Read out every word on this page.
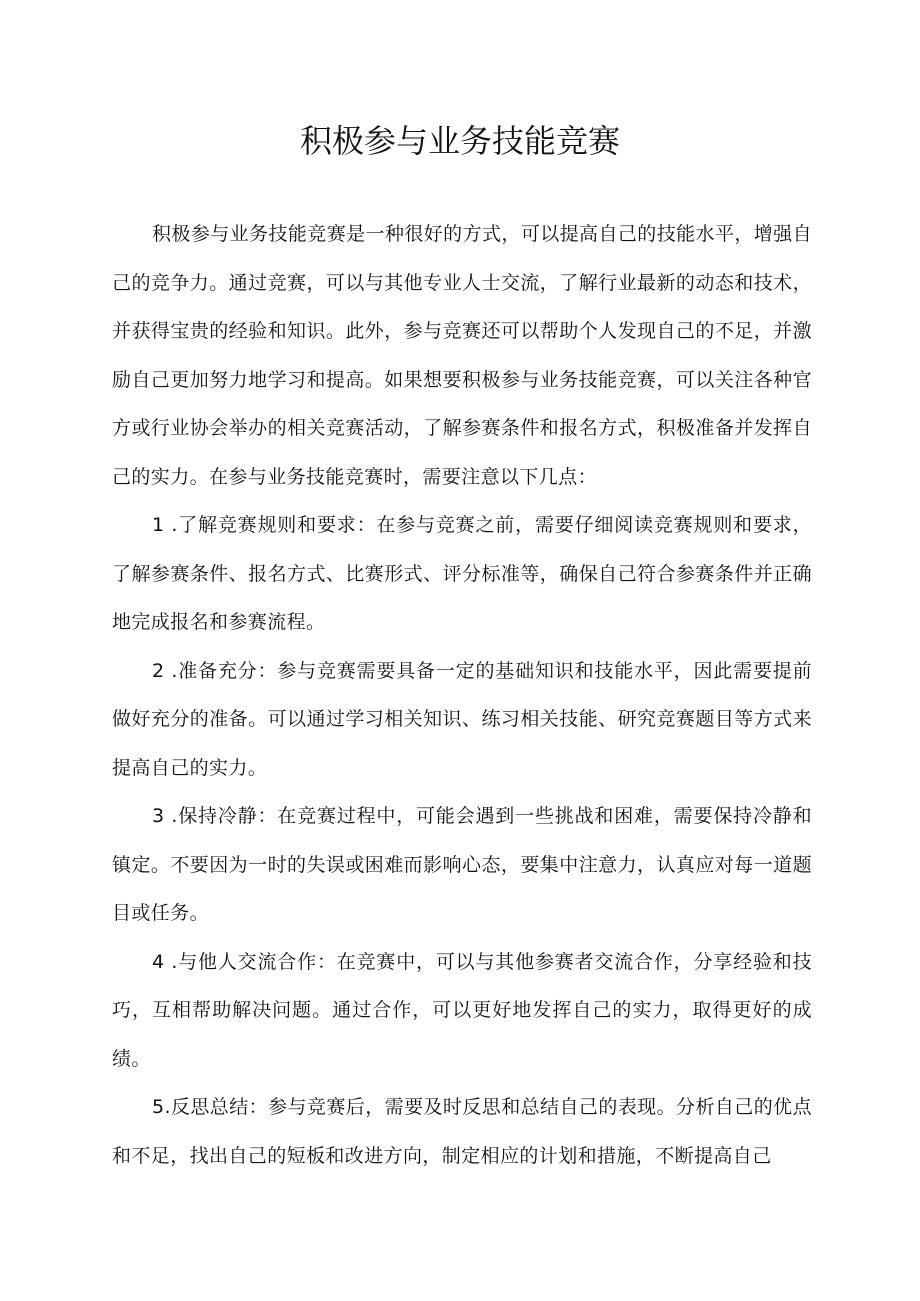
积极参与业务技能竞赛

积极参与业务技能竞赛是一种很好的方式，可以提高自己的技能水平，增强自己的竞争力。通过竞赛，可以与其他专业人士交流，了解行业最新的动态和技术，并获得宝贵的经验和知识。此外，参与竞赛还可以帮助个人发现自己的不足，并激励自己更加努力地学习和提高。如果想要积极参与业务技能竞赛，可以关注各种官方或行业协会举办的相关竞赛活动，了解参赛条件和报名方式，积极准备并发挥自己的实力。在参与业务技能竞赛时，需要注意以下几点：

1 .了解竞赛规则和要求：在参与竞赛之前，需要仔细阅读竞赛规则和要求，了解参赛条件、报名方式、比赛形式、评分标准等，确保自己符合参赛条件并正确地完成报名和参赛流程。

2 .准备充分：参与竞赛需要具备一定的基础知识和技能水平，因此需要提前做好充分的准备。可以通过学习相关知识、练习相关技能、研究竞赛题目等方式来提高自己的实力。

3 .保持冷静：在竞赛过程中，可能会遇到一些挑战和困难，需要保持冷静和镇定。不要因为一时的失误或困难而影响心态，要集中注意力，认真应对每一道题目或任务。

4 .与他人交流合作：在竞赛中，可以与其他参赛者交流合作，分享经验和技巧，互相帮助解决问题。通过合作，可以更好地发挥自己的实力，取得更好的成绩。

5.反思总结：参与竞赛后，需要及时反思和总结自己的表现。分析自己的优点和不足，找出自己的短板和改进方向，制定相应的计划和措施，不断提高自己
